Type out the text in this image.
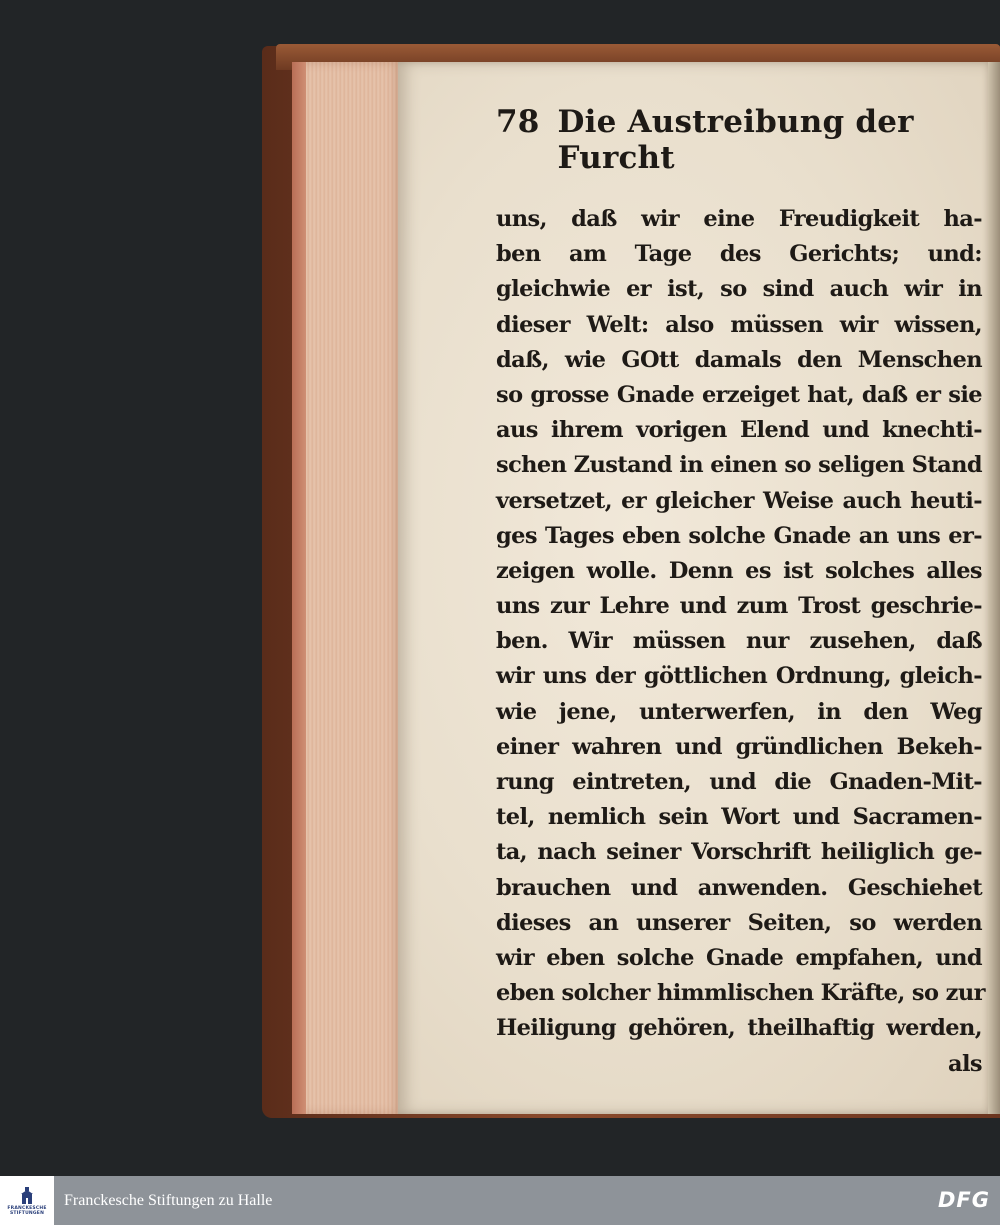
78 Die Austreibung der Furcht
uns, daß wir eine Freudigkeit ha-
ben am Tage des Gerichts; und:
gleichwie er ist, so sind auch wir in
dieser Welt: also müssen wir wissen,
daß, wie GOtt damals den Menschen
so grosse Gnade erzeiget hat, daß er sie
aus ihrem vorigen Elend und knechti-
schen Zustand in einen so seligen Stand
versetzet, er gleicher Weise auch heuti-
ges Tages eben solche Gnade an uns er-
zeigen wolle. Denn es ist solches alles
uns zur Lehre und zum Trost geschrie-
ben. Wir müssen nur zusehen, daß
wir uns der göttlichen Ordnung, gleich-
wie jene, unterwerfen, in den Weg
einer wahren und gründlichen Bekeh-
rung eintreten, und die Gnaden-Mit-
tel, nemlich sein Wort und Sacramen-
ta, nach seiner Vorschrift heiliglich ge-
brauchen und anwenden. Geschiehet
dieses an unserer Seiten, so werden
wir eben solche Gnade empfahen, und
eben solcher himmlischen Kräfte, so zur
Heiligung gehören, theilhaftig werden,
als
FRANCKESCHE
STIFTUNGEN
Franckesche Stiftungen zu Halle	DFG
